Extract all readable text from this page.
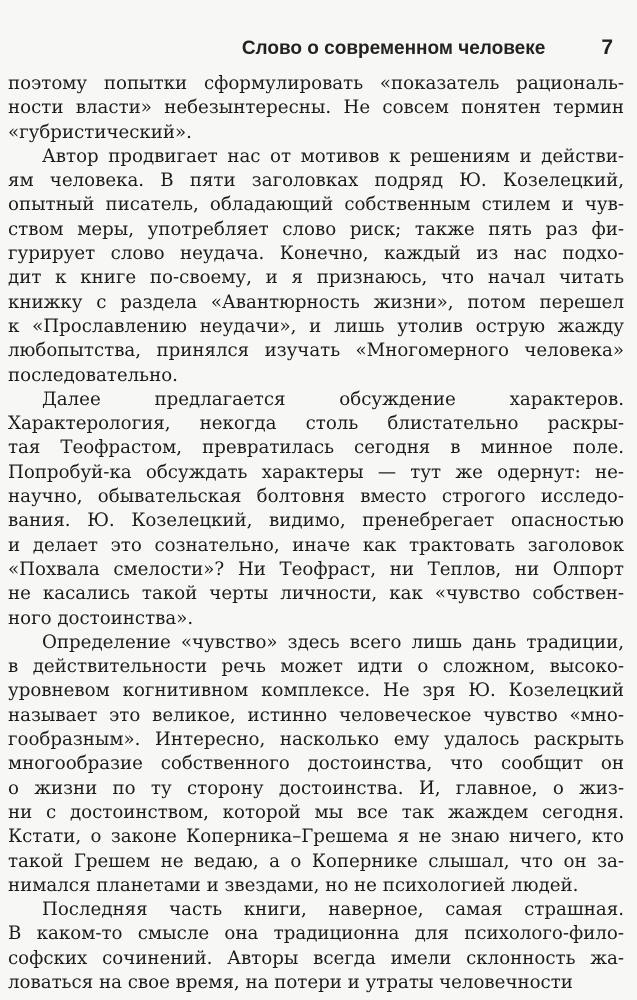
Слово о современном человеке	7
поэтому попытки сформулировать «показатель рациональ-
ности власти» небезынтересны. Не совсем понятен термин
«губристический».
Автор продвигает нас от мотивов к решениям и действи-
ям человека. В пяти заголовках подряд Ю. Козелецкий,
опытный писатель, обладающий собственным стилем и чув-
ством меры, употребляет слово риск; также пять раз фи-
гурирует слово неудача. Конечно, каждый из нас подхо-
дит к книге по-своему, и я признаюсь, что начал читать
книжку с раздела «Авантюрность жизни», потом перешел
к «Прославлению неудачи», и лишь утолив острую жажду
любопытства, принялся изучать «Многомерного человека»
последовательно.
Далее предлагается обсуждение характеров.
Характерология, некогда столь блистательно раскры-
тая Теофрастом, превратилась сегодня в минное поле.
Попробуй-ка обсуждать характеры — тут же одернут: не-
научно, обывательская болтовня вместо строгого исследо-
вания. Ю. Козелецкий, видимо, пренебрегает опасностью
и делает это сознательно, иначе как трактовать заголовок
«Похвала смелости»? Ни Теофраст, ни Теплов, ни Олпорт
не касались такой черты личности, как «чувство собствен-
ного достоинства».
Определение «чувство» здесь всего лишь дань традиции,
в действительности речь может идти о сложном, высоко-
уровневом когнитивном комплексе. Не зря Ю. Козелецкий
называет это великое, истинно человеческое чувство «мно-
гообразным». Интересно, насколько ему удалось раскрыть
многообразие собственного достоинства, что сообщит он
о жизни по ту сторону достоинства. И, главное, о жиз-
ни с достоинством, которой мы все так жаждем сегодня.
Кстати, о законе Коперника–Грешема я не знаю ничего, кто
такой Грешем не ведаю, а о Копернике слышал, что он за-
нимался планетами и звездами, но не психологией людей.
Последняя часть книги, наверное, самая страшная.
В каком-то смысле она традиционна для психолого-фило-
софских сочинений. Авторы всегда имели склонность жа-
ловаться на свое время, на потери и утраты человечности
